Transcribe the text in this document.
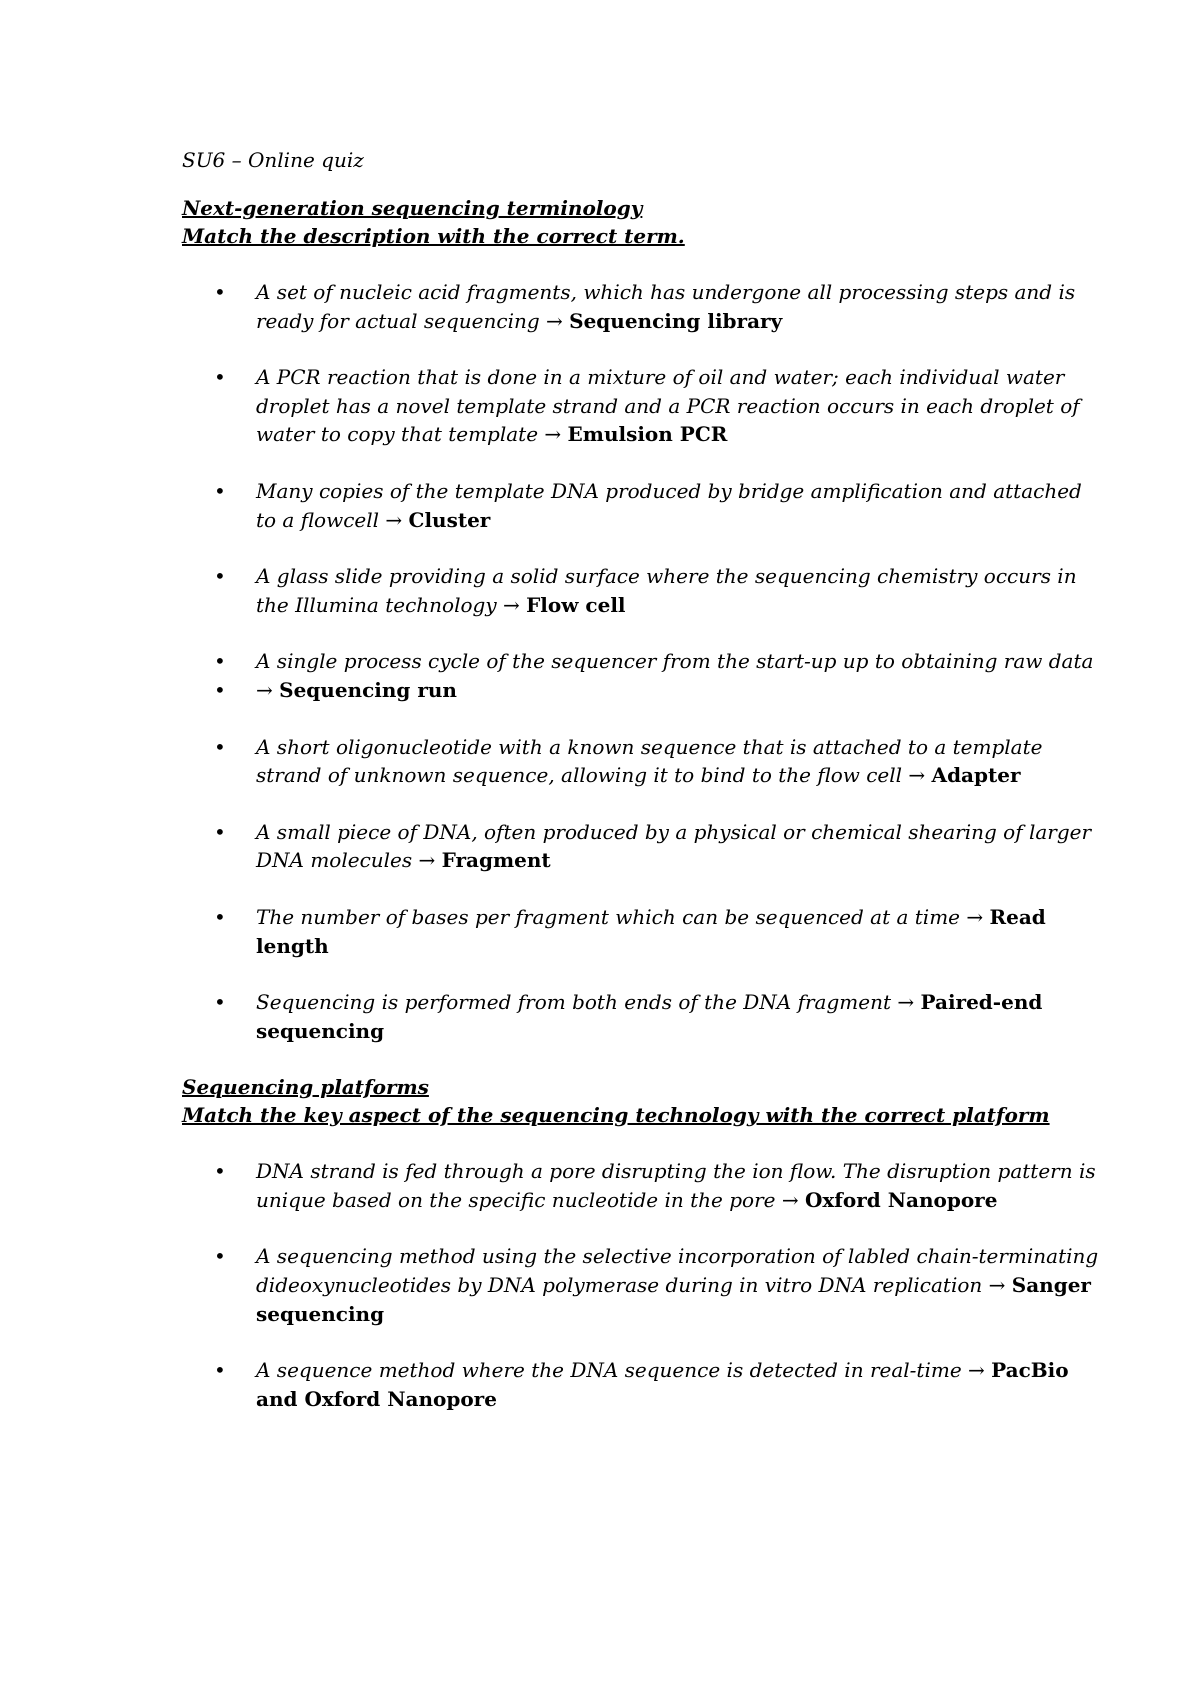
SU6 – Online quiz

Next-generation sequencing terminology

Match the description with the correct term.

• A set of nucleic acid fragments, which has undergone all processing steps and is ready for actual sequencing → Sequencing library
• A PCR reaction that is done in a mixture of oil and water; each individual water droplet has a novel template strand and a PCR reaction occurs in each droplet of water to copy that template → Emulsion PCR
• Many copies of the template DNA produced by bridge amplification and attached to a flowcell → Cluster
• A glass slide providing a solid surface where the sequencing chemistry occurs in the Illumina technology → Flow cell
• A single process cycle of the sequencer from the start-up up to obtaining raw data
• → Sequencing run
• A short oligonucleotide with a known sequence that is attached to a template strand of unknown sequence, allowing it to bind to the flow cell → Adapter
• A small piece of DNA, often produced by a physical or chemical shearing of larger DNA molecules → Fragment
• The number of bases per fragment which can be sequenced at a time → Read length
• Sequencing is performed from both ends of the DNA fragment → Paired-end sequencing

Sequencing platforms

Match the key aspect of the sequencing technology with the correct platform

• DNA strand is fed through a pore disrupting the ion flow. The disruption pattern is unique based on the specific nucleotide in the pore → Oxford Nanopore
• A sequencing method using the selective incorporation of labled chain-terminating dideoxynucleotides by DNA polymerase during in vitro DNA replication → Sanger sequencing
• A sequence method where the DNA sequence is detected in real-time → PacBio and Oxford Nanopore
